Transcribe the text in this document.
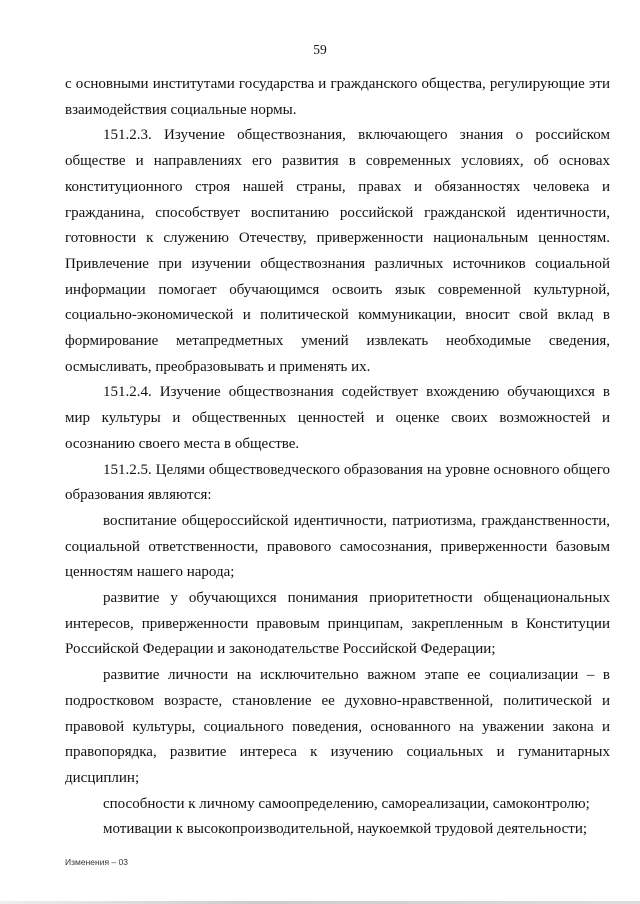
59

с основными институтами государства и гражданского общества, регулирующие эти взаимодействия социальные нормы.

151.2.3. Изучение обществознания, включающего знания о российском обществе и направлениях его развития в современных условиях, об основах конституционного строя нашей страны, правах и обязанностях человека и гражданина, способствует воспитанию российской гражданской идентичности, готовности к служению Отечеству, приверженности национальным ценностям. Привлечение при изучении обществознания различных источников социальной информации помогает обучающимся освоить язык современной культурной, социально-экономической и политической коммуникации, вносит свой вклад в формирование метапредметных умений извлекать необходимые сведения, осмысливать, преобразовывать и применять их.

151.2.4. Изучение обществознания содействует вхождению обучающихся в мир культуры и общественных ценностей и оценке своих возможностей и осознанию своего места в обществе.

151.2.5. Целями обществоведческого образования на уровне основного общего образования являются:

воспитание общероссийской идентичности, патриотизма, гражданственности, социальной ответственности, правового самосознания, приверженности базовым ценностям нашего народа;

развитие у обучающихся понимания приоритетности общенациональных интересов, приверженности правовым принципам, закрепленным в Конституции Российской Федерации и законодательстве Российской Федерации;

развитие личности на исключительно важном этапе ее социализации – в подростковом возрасте, становление ее духовно-нравственной, политической и правовой культуры, социального поведения, основанного на уважении закона и правопорядка, развитие интереса к изучению социальных и гуманитарных дисциплин;

способности к личному самоопределению, самореализации, самоконтролю;

мотивации к высокопроизводительной, наукоемкой трудовой деятельности;

Изменения – 03
